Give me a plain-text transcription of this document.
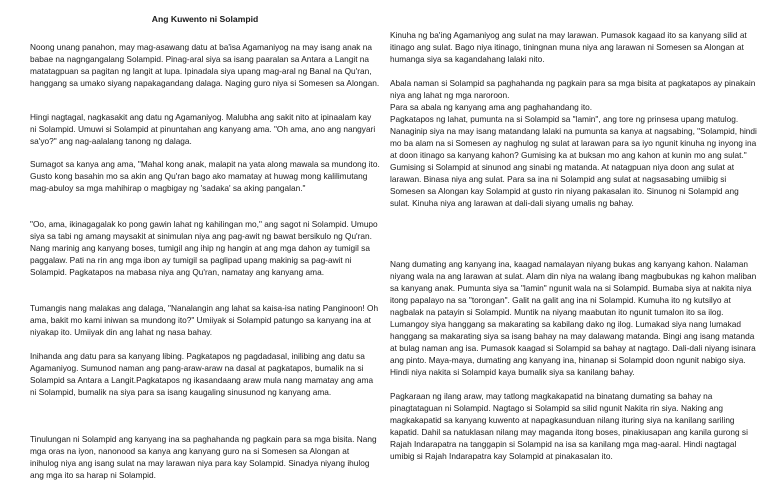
Ang Kuwento ni Solampid

Noong unang panahon, may mag-asawang datu at ba'isa Agamaniyog na may isang anak na babae na nagngangalang Solampid. Pinag-aral siya sa isang paaralan sa Antara a Langit na matatagpuan sa pagitan ng langit at lupa. Ipinadala siya upang mag-aral ng Banal na Qu'ran, hanggang sa umako siyang napakagandang dalaga. Naging guro niya si Somesen sa Alongan.

Hingi nagtagal, nagkasakit ang datu ng Agamaniyog. Malubha ang sakit nito at ipinaalam kay ni Solampid. Umuwi si Solampid at pinuntahan ang kanyang ama. "Oh ama, ano ang nangyari sa'yo?" ang nag-aalalang tanong ng dalaga.

Sumagot sa kanya ang ama, "Mahal kong anak, malapit na yata along mawala sa mundong ito. Gusto kong basahin mo sa akin ang Qu'ran bago ako mamatay at huwag mong kalilimutang mag-abuloy sa mga mahihirap o magbigay ng 'sadaka' sa aking pangalan."

"Oo, ama, ikinagagalak ko pong gawin lahat ng kahilingan mo," ang sagot ni Solampid. Umupo siya sa tabi ng amang maysakit at sinimulan niya ang pag-awit ng bawat bersikulo ng Qu'ran. Nang marinig ang kanyang boses, tumigil ang ihip ng hangin at ang mga dahon ay tumigil sa paggalaw. Pati na rin ang mga ibon ay tumigil sa paglipad upang makinig sa pag-awit ni Solampid. Pagkatapos na mabasa niya ang Qu'ran, namatay ang kanyang ama.

Tumangis nang malakas ang dalaga, "Nanalangin ang lahat sa kaisa-isa nating Panginoon! Oh ama, bakit mo kami iniwan sa mundong ito?" Umiiyak si Solampid patungo sa kanyang ina at niyakap ito. Umiiyak din ang lahat ng nasa bahay.

Inihanda ang datu para sa kanyang libing. Pagkatapos ng pagdadasal, inilibing ang datu sa Agamaniyog. Sumunod naman ang pang-araw-araw na dasal at pagkatapos, bumalik na si Solampid sa Antara a Langit.Pagkatapos ng ikasandaang araw mula nang mamatay ang ama ni Solampid, bumalik na siya para sa isang kaugaling sinusunod ng kanyang ama.

Tinulungan ni Solampid ang kanyang ina sa paghahanda ng pagkain para sa mga bisita. Nang mga oras na iyon, nanonood sa kanya ang kanyang guro na si Somesen sa Alongan at inihulog niya ang isang sulat na may larawan niya para kay Solampid. Sinadya niyang ihulog ang mga ito sa harap ni Solampid.

Kinuha ng ba'ing Agamaniyog ang sulat na may larawan. Pumasok kagaad ito sa kanyang silid at itinago ang sulat. Bago niya itinago, tiningnan muna niya ang larawan ni Somesen sa Alongan at humanga siya sa kagandahang lalaki nito.

Abala naman si Solampid sa paghahanda ng pagkain para sa mga bisita at pagkatapos ay pinakain niya ang lahat ng mga naroroon.
Para sa abala ng kanyang ama ang paghahandang ito.
Pagkatapos ng lahat, pumunta na si Solampid sa "lamin", ang tore ng prinsesa upang matulog. Nanaginip siya na may isang matandang lalaki na pumunta sa kanya at nagsabing, "Solampid, hindi mo ba alam na si Somesen ay naghulog ng sulat at larawan para sa iyo ngunit kinuha ng inyong ina at doon itinago sa kanyang kahon? Gumising ka at buksan mo ang kahon at kunin mo ang sulat." Gumising si Solampid at sinunod ang sinabi ng matanda. At natagpuan niya doon ang sulat at larawan. Binasa niya ang sulat. Para sa ina ni Solampid ang sulat at nagsasabing umiibig si Somesen sa Alongan kay Solampid at gusto rin niyang pakasalan ito. Sinunog ni Solampid ang sulat. Kinuha niya ang larawan at dali-dali siyang umalis ng bahay.

Nang dumating ang kanyang ina, kaagad namalayan niyang bukas ang kanyang kahon. Nalaman niyang wala na ang larawan at sulat. Alam din niya na walang ibang magbubukas ng kahon maliban sa kanyang anak. Pumunta siya sa "lamin" ngunit wala na si Solampid. Bumaba siya at nakita niya itong papalayo na sa "torongan". Galit na galit ang ina ni Solampid. Kumuha ito ng kutsilyo at nagbalak na patayin si Solampid. Muntik na niyang maabutan ito ngunit tumalon ito sa ilog. Lumangoy siya hanggang sa makarating sa kabilang dako ng ilog. Lumakad siya nang lumakad hanggang sa makarating siya sa isang bahay na may dalawang matanda. Bingi ang isang matanda at bulag naman ang isa. Pumasok kaagad si Solampid sa bahay at nagtago. Dali-dali niyang isinara ang pinto. Maya-maya, dumating ang kanyang ina, hinanap si Solampid doon ngunit nabigo siya. Hindi niya nakita si Solampid kaya bumalik siya sa kanilang bahay.

Pagkaraan ng ilang araw, may tatlong magkakapatid na binatang dumating sa bahay na pinagtataguan ni Solampid. Nagtago si Solampid sa silid ngunit Nakita rin siya. Naking ang magkakapatid sa kanyang kuwento at napagkasunduan nilang ituring siya na kanilang sariling kapatid. Dahil sa natuklasan nilang may maganda itong boses, pinakiusapan ang kanila gurong si Rajah Indarapatra na tanggapin si Solampid na isa sa kanilang mga mag-aaral. Hindi nagtagal umibig si Rajah Indarapatra kay Solampid at pinakasalan ito.
